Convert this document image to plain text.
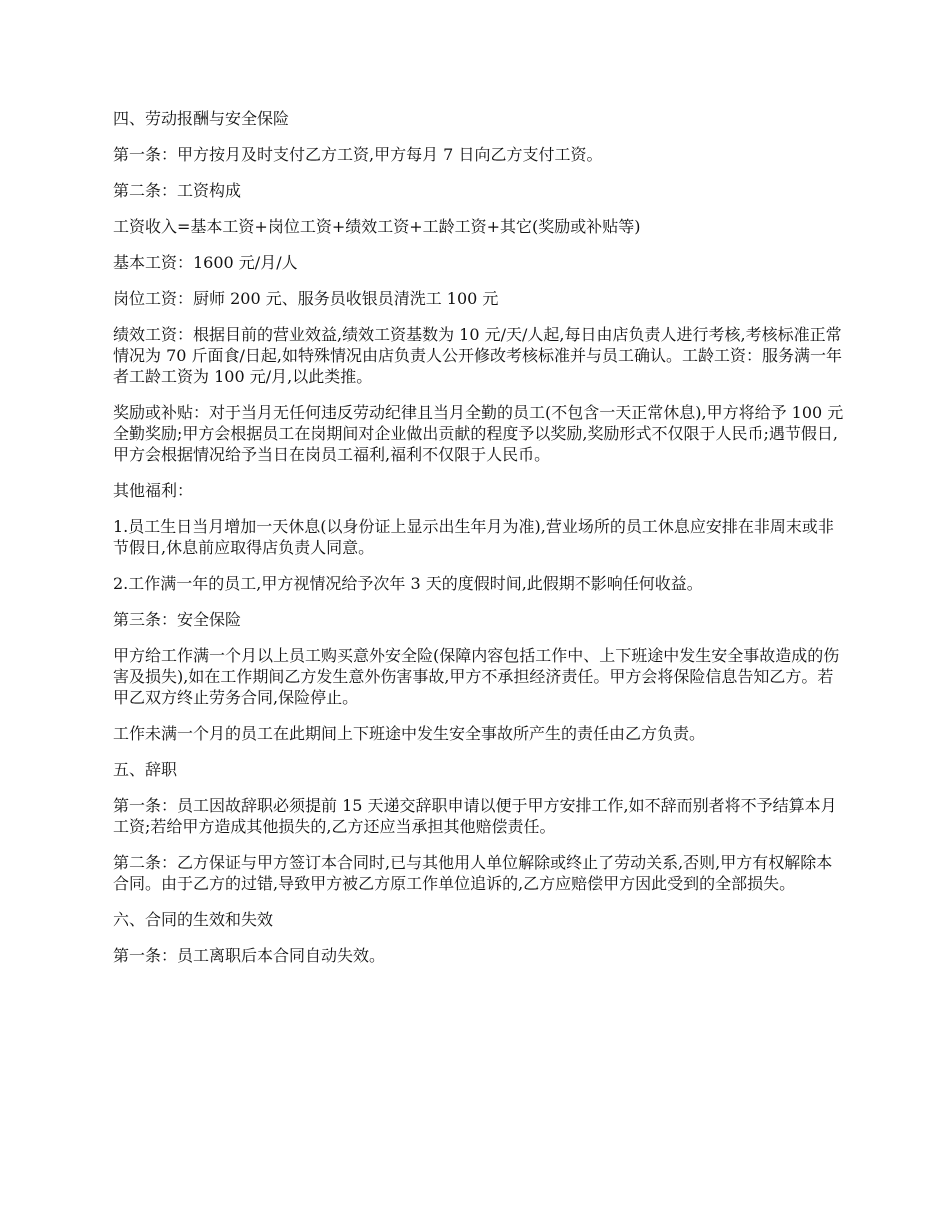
四、劳动报酬与安全保险

第一条：甲方按月及时支付乙方工资,甲方每月 7 日向乙方支付工资。

第二条：工资构成

工资收入=基本工资+岗位工资+绩效工资+工龄工资+其它(奖励或补贴等)

基本工资：1600 元/月/人

岗位工资：厨师 200 元、服务员收银员清洗工 100 元

绩效工资：根据目前的营业效益,绩效工资基数为 10 元/天/人起,每日由店负责人进行考核,考核标准正常情况为 70 斤面食/日起,如特殊情况由店负责人公开修改考核标准并与员工确认。工龄工资：服务满一年者工龄工资为 100 元/月,以此类推。

奖励或补贴：对于当月无任何违反劳动纪律且当月全勤的员工(不包含一天正常休息),甲方将给予 100 元全勤奖励;甲方会根据员工在岗期间对企业做出贡献的程度予以奖励,奖励形式不仅限于人民币;遇节假日,甲方会根据情况给予当日在岗员工福利,福利不仅限于人民币。

其他福利：

1.员工生日当月增加一天休息(以身份证上显示出生年月为准),营业场所的员工休息应安排在非周末或非节假日,休息前应取得店负责人同意。

2.工作满一年的员工,甲方视情况给予次年 3 天的度假时间,此假期不影响任何收益。

第三条：安全保险

甲方给工作满一个月以上员工购买意外安全险(保障内容包括工作中、上下班途中发生安全事故造成的伤害及损失),如在工作期间乙方发生意外伤害事故,甲方不承担经济责任。甲方会将保险信息告知乙方。若甲乙双方终止劳务合同,保险停止。

工作未满一个月的员工在此期间上下班途中发生安全事故所产生的责任由乙方负责。

五、辞职

第一条：员工因故辞职必须提前 15 天递交辞职申请以便于甲方安排工作,如不辞而别者将不予结算本月工资;若给甲方造成其他损失的,乙方还应当承担其他赔偿责任。

第二条：乙方保证与甲方签订本合同时,已与其他用人单位解除或终止了劳动关系,否则,甲方有权解除本合同。由于乙方的过错,导致甲方被乙方原工作单位追诉的,乙方应赔偿甲方因此受到的全部损失。

六、合同的生效和失效

第一条：员工离职后本合同自动失效。
